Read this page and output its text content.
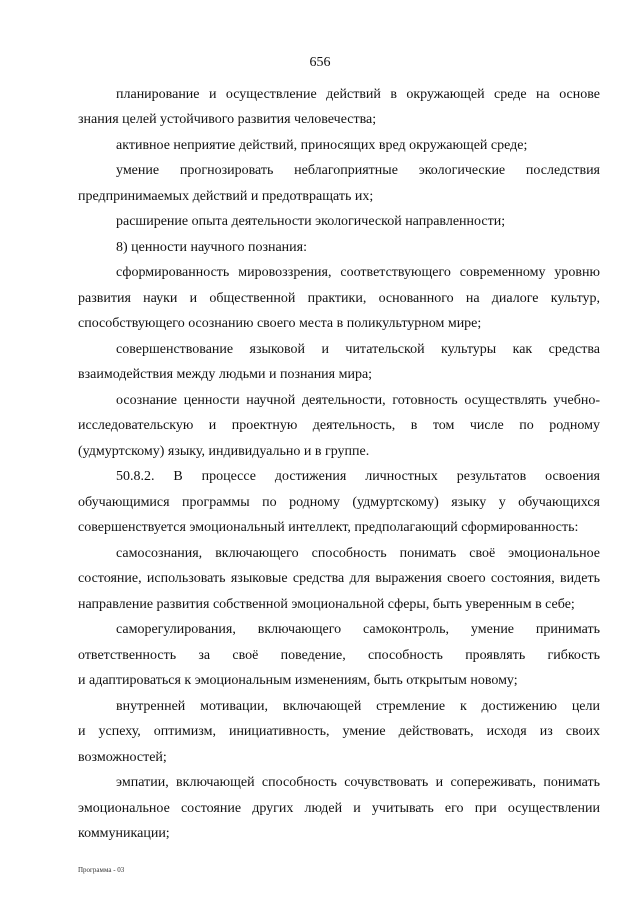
656
планирование и осуществление действий в окружающей среде на основе
знания целей устойчивого развития человечества;
активное неприятие действий, приносящих вред окружающей среде;
умение прогнозировать неблагоприятные экологические последствия
предпринимаемых действий и предотвращать их;
расширение опыта деятельности экологической направленности;
8) ценности научного познания:
сформированность мировоззрения, соответствующего современному уровню
развития науки и общественной практики, основанного на диалоге культур,
способствующего осознанию своего места в поликультурном мире;
совершенствование языковой и читательской культуры как средства
взаимодействия между людьми и познания мира;
осознание ценности научной деятельности, готовность осуществлять учебно-
исследовательскую и проектную деятельность, в том числе по родному
(удмуртскому) языку, индивидуально и в группе.
50.8.2. В процессе достижения личностных результатов освоения
обучающимися программы по родному (удмуртскому) языку у обучающихся
совершенствуется эмоциональный интеллект, предполагающий сформированность:
самосознания, включающего способность понимать своё эмоциональное
состояние, использовать языковые средства для выражения своего состояния, видеть
направление развития собственной эмоциональной сферы, быть уверенным в себе;
саморегулирования, включающего самоконтроль, умение принимать
ответственность за своё поведение, способность проявлять гибкость
и адаптироваться к эмоциональным изменениям, быть открытым новому;
внутренней мотивации, включающей стремление к достижению цели
и успеху, оптимизм, инициативность, умение действовать, исходя из своих
возможностей;
эмпатии, включающей способность сочувствовать и сопереживать, понимать
эмоциональное состояние других людей и учитывать его при осуществлении
коммуникации;
Программа - 03
